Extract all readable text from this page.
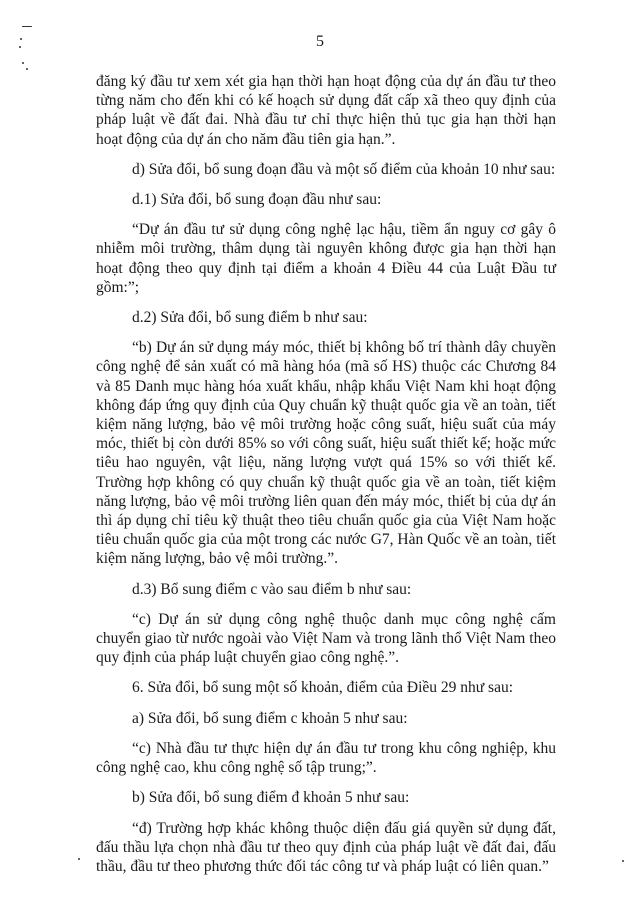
5

đăng ký đầu tư xem xét gia hạn thời hạn hoạt động của dự án đầu tư theo từng năm cho đến khi có kế hoạch sử dụng đất cấp xã theo quy định của pháp luật về đất đai. Nhà đầu tư chỉ thực hiện thủ tục gia hạn thời hạn hoạt động của dự án cho năm đầu tiên gia hạn.”.

d) Sửa đổi, bổ sung đoạn đầu và một số điểm của khoản 10 như sau:

d.1) Sửa đổi, bổ sung đoạn đầu như sau:

“Dự án đầu tư sử dụng công nghệ lạc hậu, tiềm ẩn nguy cơ gây ô nhiễm môi trường, thâm dụng tài nguyên không được gia hạn thời hạn hoạt động theo quy định tại điểm a khoản 4 Điều 44 của Luật Đầu tư gồm:”;

d.2) Sửa đổi, bổ sung điểm b như sau:

“b) Dự án sử dụng máy móc, thiết bị không bố trí thành dây chuyền công nghệ để sản xuất có mã hàng hóa (mã số HS) thuộc các Chương 84 và 85 Danh mục hàng hóa xuất khẩu, nhập khẩu Việt Nam khi hoạt động không đáp ứng quy định của Quy chuẩn kỹ thuật quốc gia về an toàn, tiết kiệm năng lượng, bảo vệ môi trường hoặc công suất, hiệu suất của máy móc, thiết bị còn dưới 85% so với công suất, hiệu suất thiết kế; hoặc mức tiêu hao nguyên, vật liệu, năng lượng vượt quá 15% so với thiết kế. Trường hợp không có quy chuẩn kỹ thuật quốc gia về an toàn, tiết kiệm năng lượng, bảo vệ môi trường liên quan đến máy móc, thiết bị của dự án thì áp dụng chỉ tiêu kỹ thuật theo tiêu chuẩn quốc gia của Việt Nam hoặc tiêu chuẩn quốc gia của một trong các nước G7, Hàn Quốc về an toàn, tiết kiệm năng lượng, bảo vệ môi trường.”.

d.3) Bổ sung điểm c vào sau điểm b như sau:

“c) Dự án sử dụng công nghệ thuộc danh mục công nghệ cấm chuyển giao từ nước ngoài vào Việt Nam và trong lãnh thổ Việt Nam theo quy định của pháp luật chuyển giao công nghệ.”.

6. Sửa đổi, bổ sung một số khoản, điểm của Điều 29 như sau:

a) Sửa đổi, bổ sung điểm c khoản 5 như sau:

“c) Nhà đầu tư thực hiện dự án đầu tư trong khu công nghiệp, khu công nghệ cao, khu công nghệ số tập trung;”.

b) Sửa đổi, bổ sung điểm đ khoản 5 như sau:

“đ) Trường hợp khác không thuộc diện đấu giá quyền sử dụng đất, đấu thầu lựa chọn nhà đầu tư theo quy định của pháp luật về đất đai, đấu thầu, đầu tư theo phương thức đối tác công tư và pháp luật có liên quan.”
